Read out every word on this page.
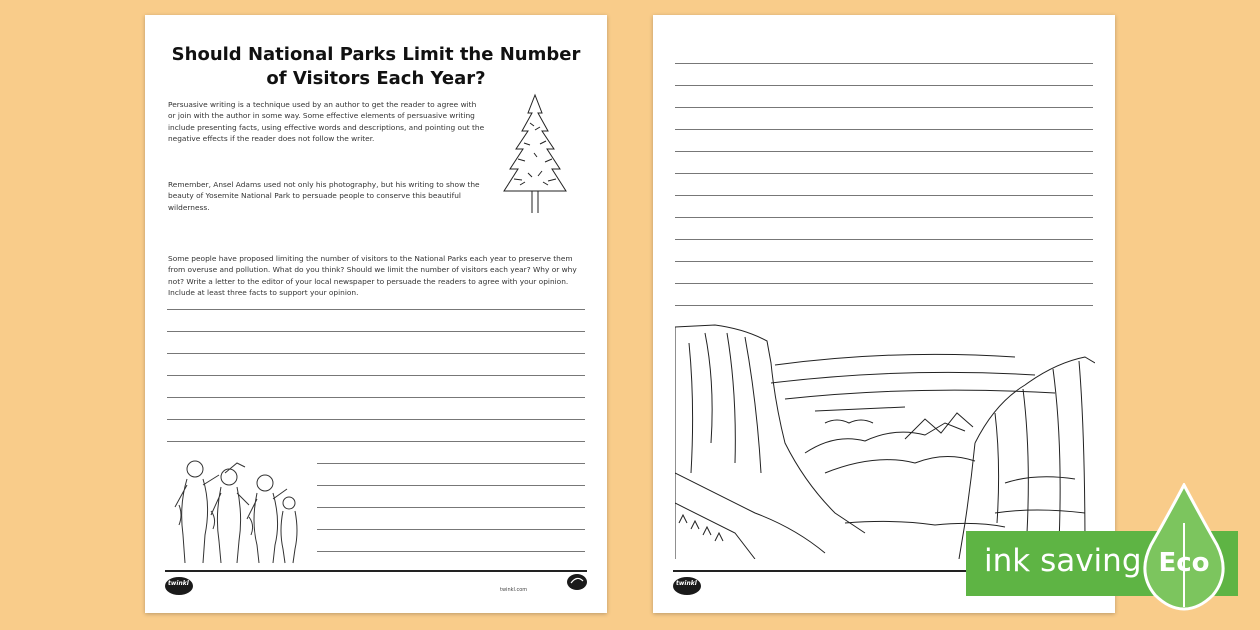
Should National Parks Limit the Number of Visitors Each Year?

Persuasive writing is a technique used by an author to get the reader to agree with or join with the author in some way. Some effective elements of persuasive writing include presenting facts, using effective words and descriptions, and pointing out the negative effects if the reader does not follow the writer.

Remember, Ansel Adams used not only his photography, but his writing to show the beauty of Yosemite National Park to persuade people to conserve this beautiful wilderness.

Some people have proposed limiting the number of visitors to the National Parks each year to preserve them from overuse and pollution. What do you think? Should we limit the number of visitors each year? Why or why not? Write a letter to the editor of your local newspaper to persuade the readers to agree with your opinion. Include at least three facts to support your opinion.

twinkl
twinkl.com
twinkl
ink saving Eco
